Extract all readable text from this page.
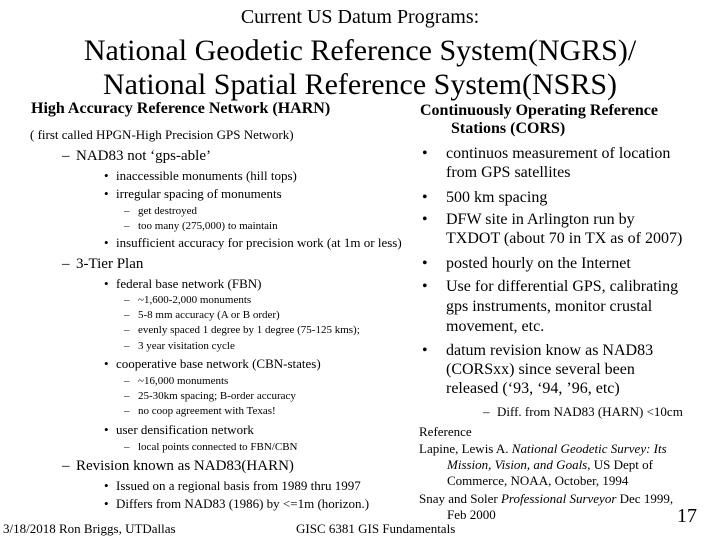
Current US Datum Programs:
National Geodetic Reference System(NGRS)/
National Spatial Reference System(NSRS)
High Accuracy Reference Network (HARN)
( first called HPGN-High Precision GPS Network)
– NAD83 not ‘gps-able’
• inaccessible monuments (hill tops)
• irregular spacing of monuments
– get destroyed
– too many (275,000) to maintain
• insufficient accuracy for precision work (at 1m or less)
– 3-Tier Plan
• federal base network (FBN)
– ~1,600-2,000 monuments
– 5-8 mm accuracy (A or B order)
– evenly spaced 1 degree by 1 degree (75-125 kms);
– 3 year visitation cycle
• cooperative base network (CBN-states)
– ~16,000 monuments
– 25-30km spacing; B-order accuracy
– no coop agreement with Texas!
• user densification network
– local points connected to FBN/CBN
– Revision known as NAD83(HARN)
• Issued on a regional basis from 1989 thru 1997
• Differs from NAD83 (1986) by <=1m (horizon.)
Continuously Operating Reference
Stations (CORS)
• continuos measurement of location
from GPS satellites
• 500 km spacing
• DFW site in Arlington run by
TXDOT (about 70 in TX as of 2007)
• posted hourly on the Internet
• Use for differential GPS, calibrating
gps instruments, monitor crustal
movement, etc.
• datum revision know as NAD83
(CORSxx) since several been
released (‘93, ‘94, ’96, etc)
– Diff. from NAD83 (HARN) <10cm
Reference
Lapine, Lewis A. National Geodetic Survey: Its
Mission, Vision, and Goals, US Dept of
Commerce, NOAA, October, 1994
Snay and Soler Professional Surveyor Dec 1999,
Feb 2000
3/18/2018 Ron Briggs, UTDallas	GISC 6381 GIS Fundamentals
17
